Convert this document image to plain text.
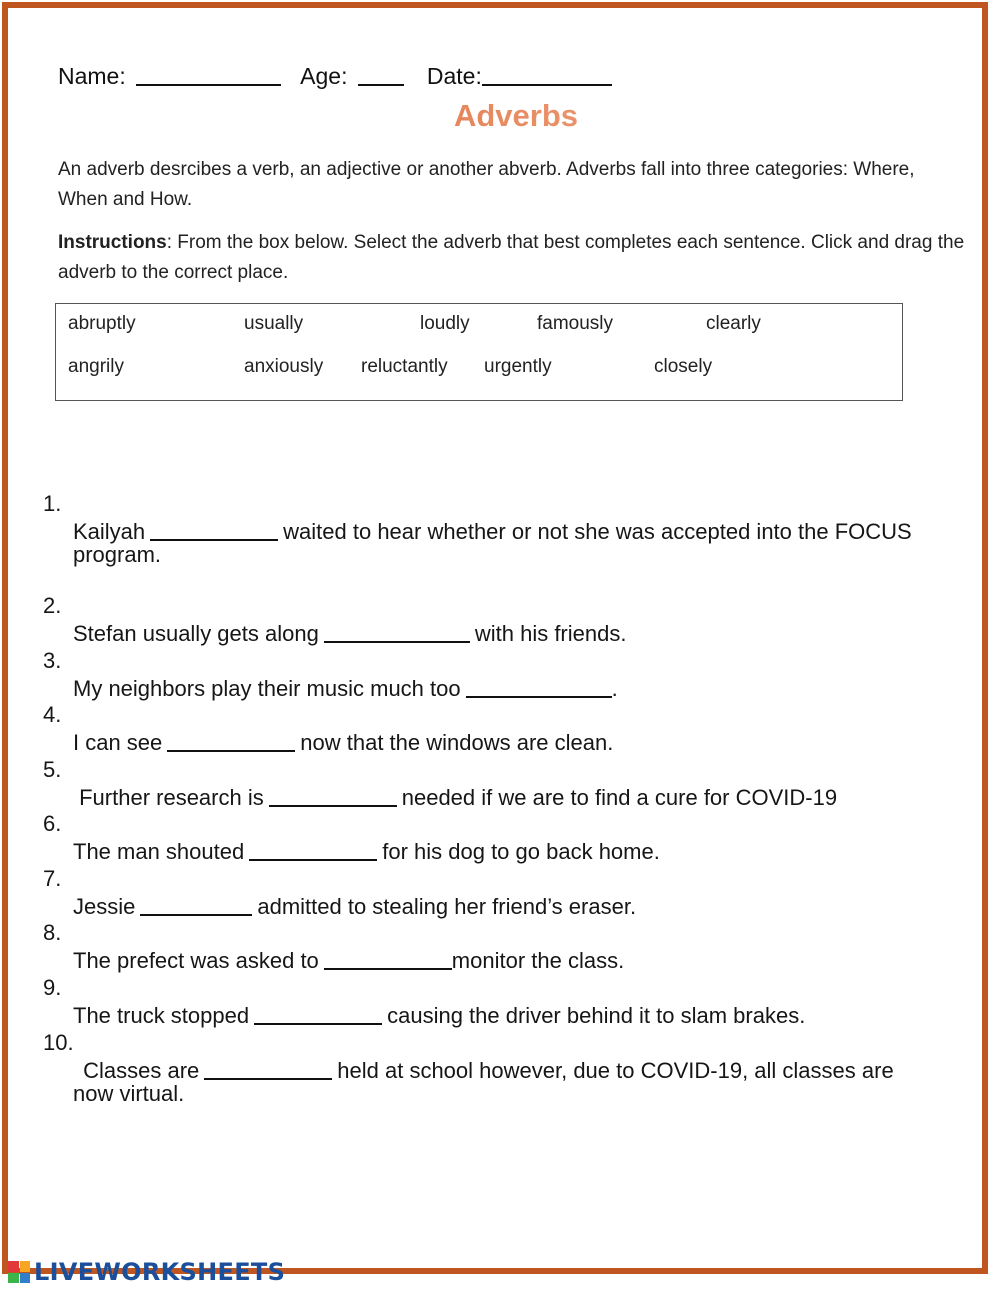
Name:	Age:	Date:
Adverbs
An adverb desrcibes a verb, an adjective or another abverb. Adverbs fall into three categories: Where, When and How.
Instructions: From the box below. Select the adverb that best completes each sentence. Click and drag the adverb to the correct place.
abruptly	usually	loudly	famously	clearly
angrily	anxiously reluctantly urgently	closely

1.

Kailyah	waited to hear whether or not she was accepted into the FOCUS

program.

2.

Stefan usually gets along	with his friends.

3.

My neighbors play their music much too	.

4.

I can see	now that the windows are clean.

5.

Further research is	needed if we are to find a cure for COVID-19

6.

The man shouted	for his dog to go back home.

7.

Jessie	admitted to stealing her friend’s eraser.

8.

The prefect was asked to	monitor the class.

9.

The truck stopped	causing the driver behind it to slam brakes.

10.

Classes are	held at school however, due to COVID-19, all classes are

now virtual.

LIVEWORKSHEETS
